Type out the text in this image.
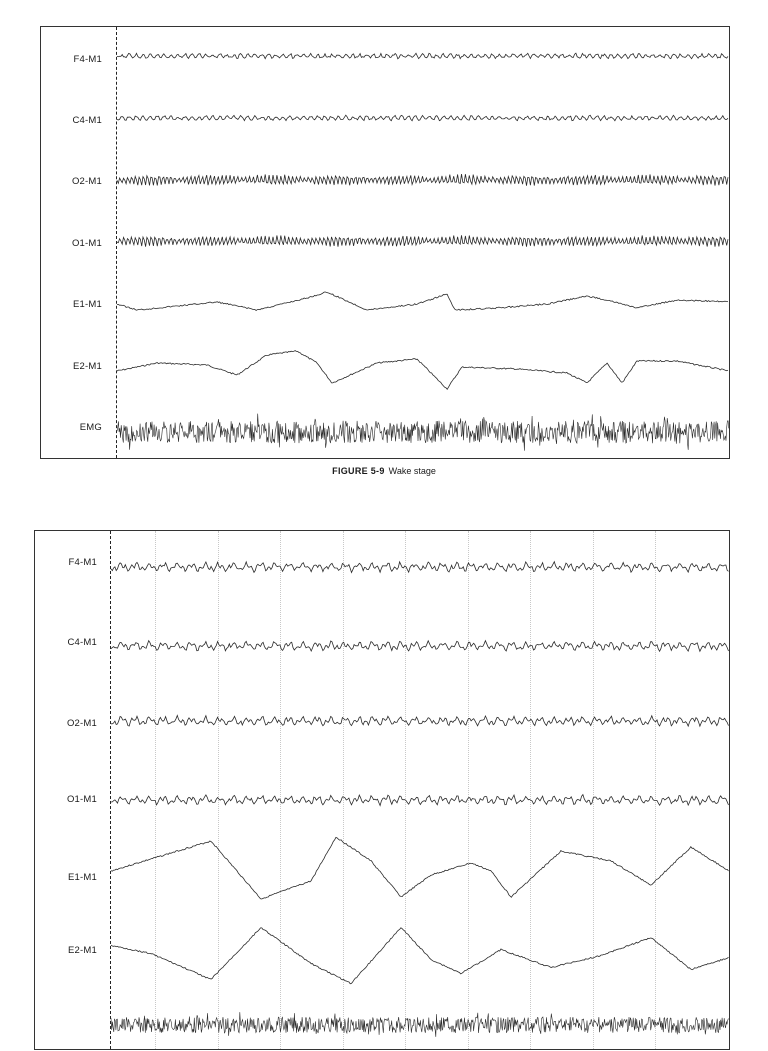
F4-M1
C4-M1
O2-M1
O1-M1
E1-M1
E2-M1
EMG
FIGURE 5-9 Wake stage
F4-M1
C4-M1
O2-M1
O1-M1
E1-M1
E2-M1
